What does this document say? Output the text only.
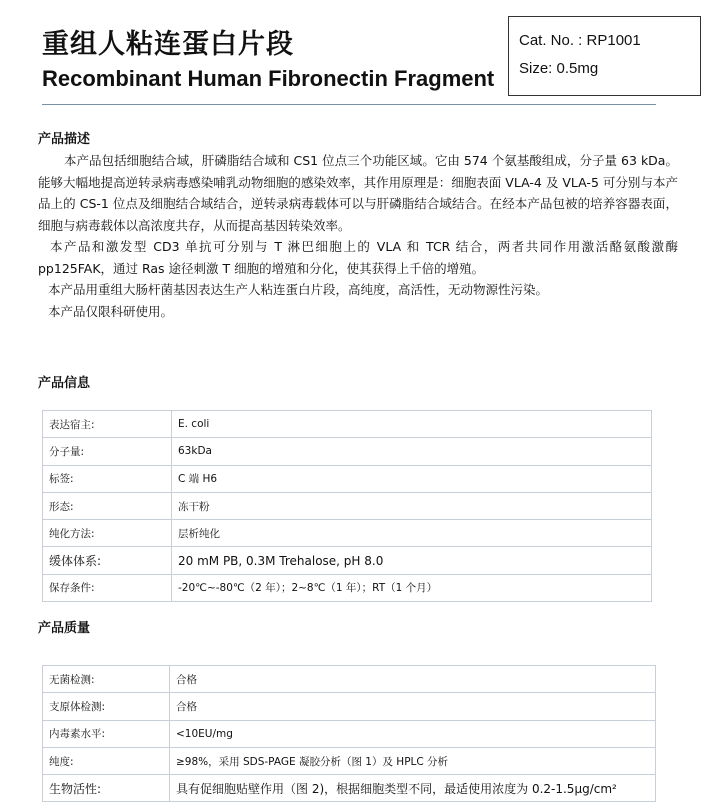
重组人粘连蛋白片段
Recombinant Human Fibronectin Fragment
Cat. No. : RP1001
Size: 0.5mg
产品描述

本产品包括细胞结合域，肝磷脂结合域和 CS1 位点三个功能区域。它由 574 个氨基酸组成，分子量 63 kDa。能够大幅地提高逆转录病毒感染哺乳动物细胞的感染效率，其作用原理是：细胞表面 VLA-4 及 VLA-5 可分别与本产品上的 CS-1 位点及细胞结合域结合，逆转录病毒载体可以与肝磷脂结合域结合。在经本产品包被的培养容器表面，细胞与病毒载体以高浓度共存，从而提高基因转染效率。

本产品和激发型 CD3 单抗可分别与 T 淋巴细胞上的 VLA 和 TCR 结合，两者共同作用激活酪氨酸激酶 pp125FAK，通过 Ras 途径刺激 T 细胞的增殖和分化，使其获得上千倍的增殖。

本产品用重组大肠杆菌基因表达生产人粘连蛋白片段，高纯度，高活性，无动物源性污染。

本产品仅限科研使用。

产品信息
表达宿主:	E. coli
分子量:	63kDa
标签:	C 端 H6
形态:	冻干粉
纯化方法:	层析纯化
缓体体系:	20 mM PB, 0.3M Trehalose, pH 8.0
保存条件:	-20℃~-80℃（2 年）；2~8℃（1 年）；RT（1 个月）
产品质量
无菌检测:	合格
支原体检测:	合格
内毒素水平:	<10EU/mg
纯度:	≥98%，采用 SDS-PAGE 凝胶分析（图 1）及 HPLC 分析
生物活性:	具有促细胞贴壁作用（图 2)，根据细胞类型不同，最适使用浓度为 0.2-1.5μg/cm²
